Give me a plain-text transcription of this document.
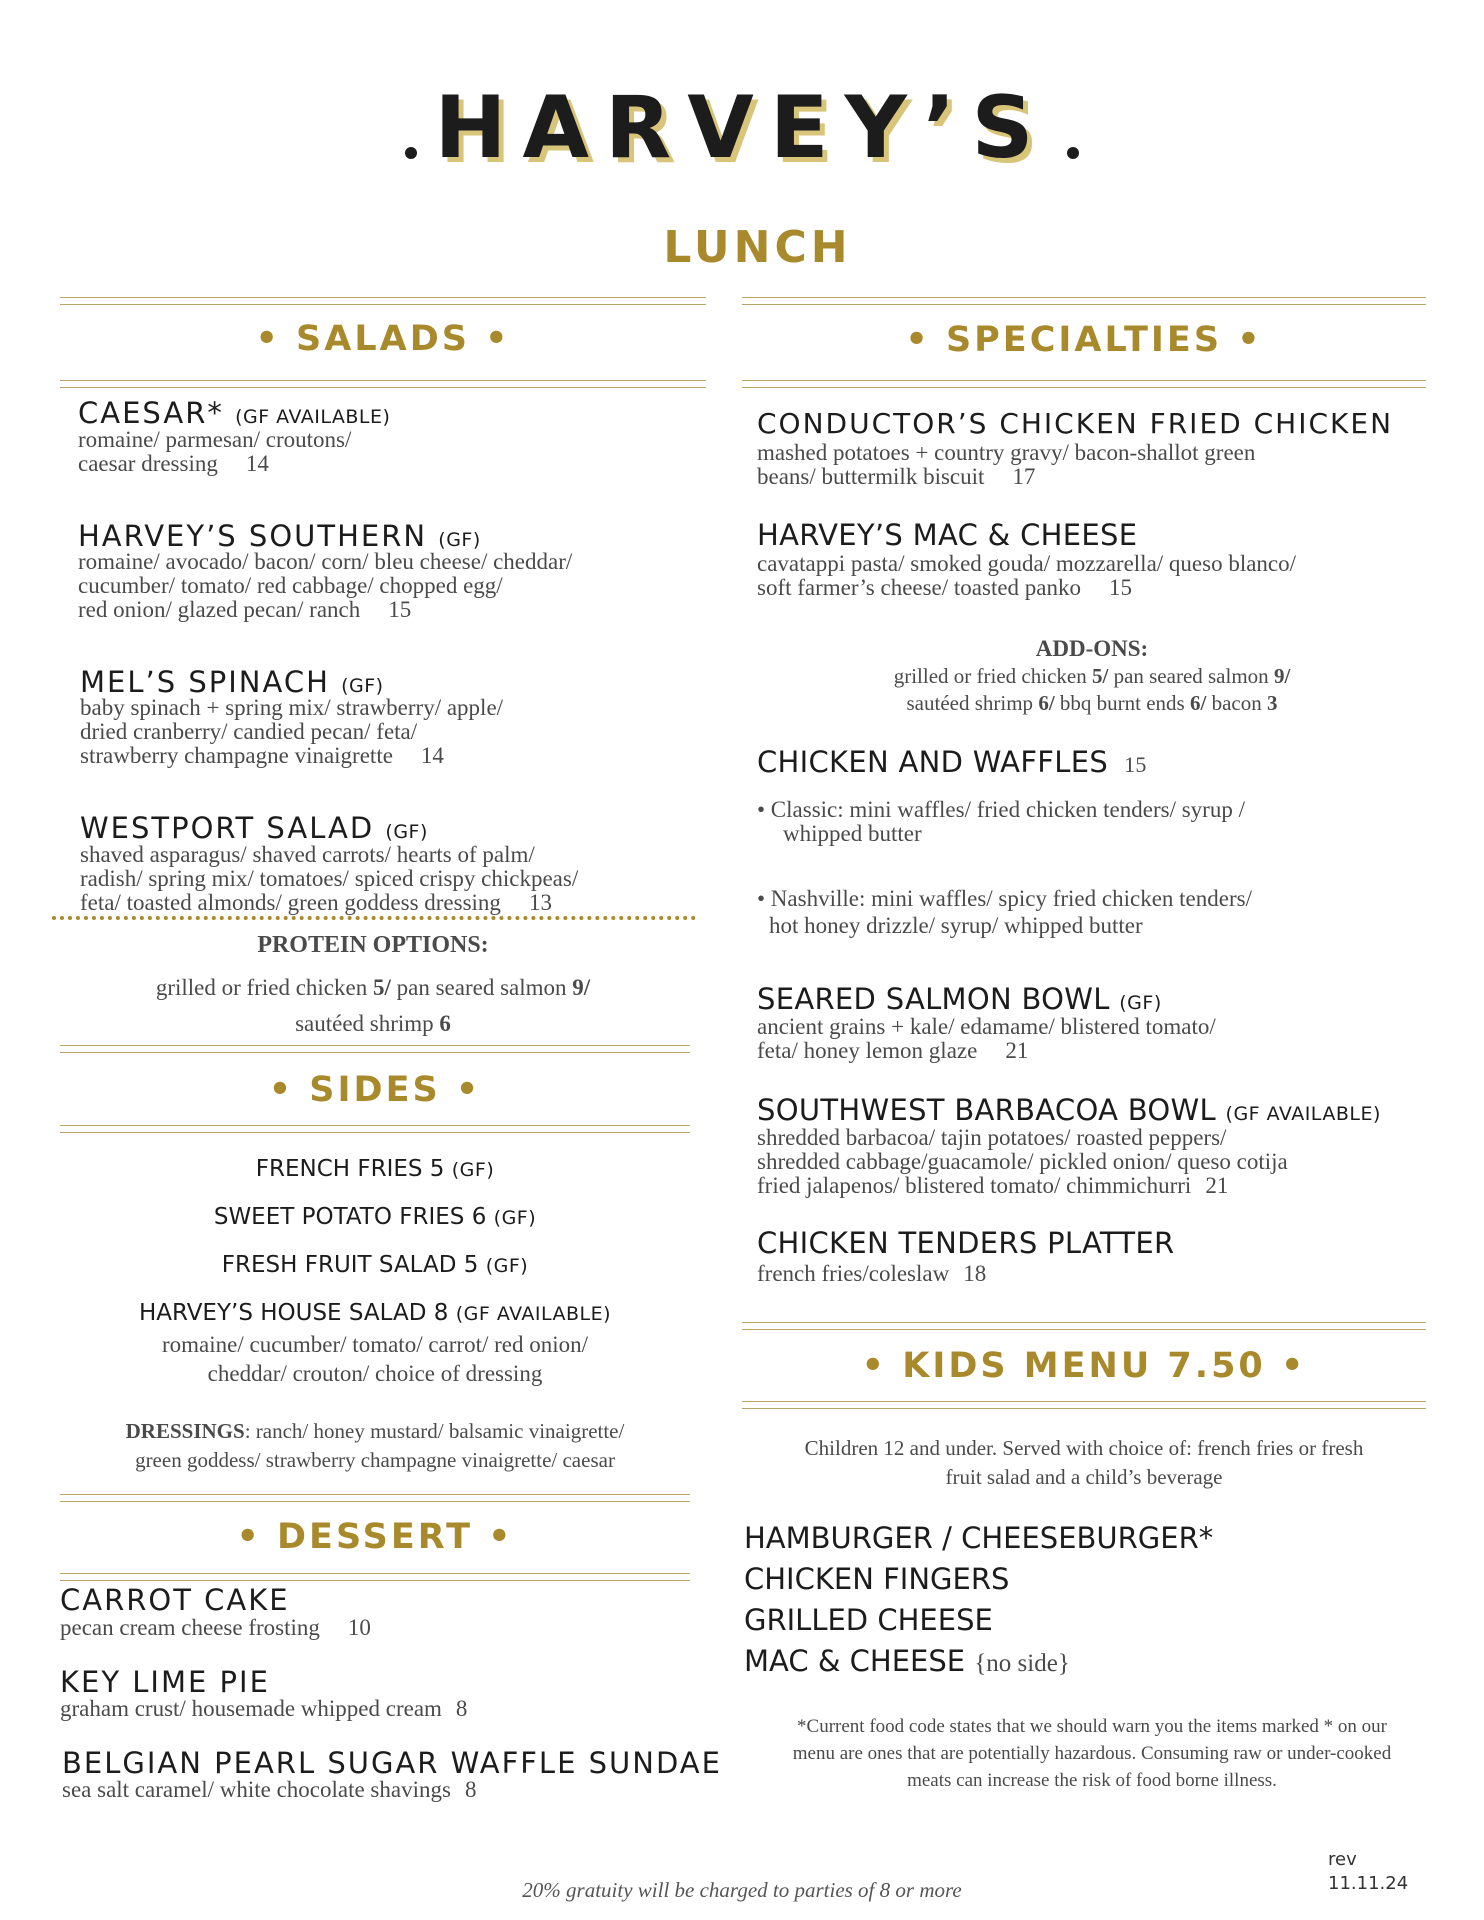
HARVEY’S
LUNCH
• SALADS •
CAESAR* (GF AVAILABLE)
romaine/ parmesan/ croutons/
caesar dressing 14
HARVEY’S SOUTHERN (GF)
romaine/ avocado/ bacon/ corn/ bleu cheese/ cheddar/
cucumber/ tomato/ red cabbage/ chopped egg/
red onion/ glazed pecan/ ranch 15
MEL’S SPINACH (GF)
baby spinach + spring mix/ strawberry/ apple/
dried cranberry/ candied pecan/ feta/
strawberry champagne vinaigrette 14
WESTPORT SALAD (GF)
shaved asparagus/ shaved carrots/ hearts of palm/
radish/ spring mix/ tomatoes/ spiced crispy chickpeas/
feta/ toasted almonds/ green goddess dressing 13
PROTEIN OPTIONS:
grilled or fried chicken 5/ pan seared salmon 9/
sautéed shrimp 6
• SIDES •
FRENCH FRIES 5 (GF)
SWEET POTATO FRIES 6 (GF)
FRESH FRUIT SALAD 5 (GF)
HARVEY’S HOUSE SALAD 8 (GF AVAILABLE)
romaine/ cucumber/ tomato/ carrot/ red onion/
cheddar/ crouton/ choice of dressing
DRESSINGS: ranch/ honey mustard/ balsamic vinaigrette/
green goddess/ strawberry champagne vinaigrette/ caesar
• DESSERT •
CARROT CAKE
pecan cream cheese frosting 10
KEY LIME PIE
graham crust/ housemade whipped cream 8
BELGIAN PEARL SUGAR WAFFLE SUNDAE
sea salt caramel/ white chocolate shavings 8
• SPECIALTIES •
CONDUCTOR’S CHICKEN FRIED CHICKEN
mashed potatoes + country gravy/ bacon-shallot green
beans/ buttermilk biscuit 17
HARVEY’S MAC & CHEESE
cavatappi pasta/ smoked gouda/ mozzarella/ queso blanco/
soft farmer’s cheese/ toasted panko 15
ADD-ONS:
grilled or fried chicken 5/ pan seared salmon 9/
sautéed shrimp 6/ bbq burnt ends 6/ bacon 3
CHICKEN AND WAFFLES 15
• Classic: mini waffles/ fried chicken tenders/ syrup /
whipped butter
• Nashville: mini waffles/ spicy fried chicken tenders/
hot honey drizzle/ syrup/ whipped butter
SEARED SALMON BOWL (GF)
ancient grains + kale/ edamame/ blistered tomato/
feta/ honey lemon glaze 21
SOUTHWEST BARBACOA BOWL (GF AVAILABLE)
shredded barbacoa/ tajin potatoes/ roasted peppers/
shredded cabbage/guacamole/ pickled onion/ queso cotija
fried jalapenos/ blistered tomato/ chimmichurri 21
CHICKEN TENDERS PLATTER
french fries/coleslaw 18
• KIDS MENU 7.50 •
Children 12 and under. Served with choice of: french fries or fresh
fruit salad and a child’s beverage
HAMBURGER / CHEESEBURGER*
CHICKEN FINGERS
GRILLED CHEESE
MAC & CHEESE {no side}
*Current food code states that we should warn you the items marked * on our
menu are ones that are potentially hazardous. Consuming raw or under-cooked
meats can increase the risk of food borne illness.
rev
11.11.24
20% gratuity will be charged to parties of 8 or more
